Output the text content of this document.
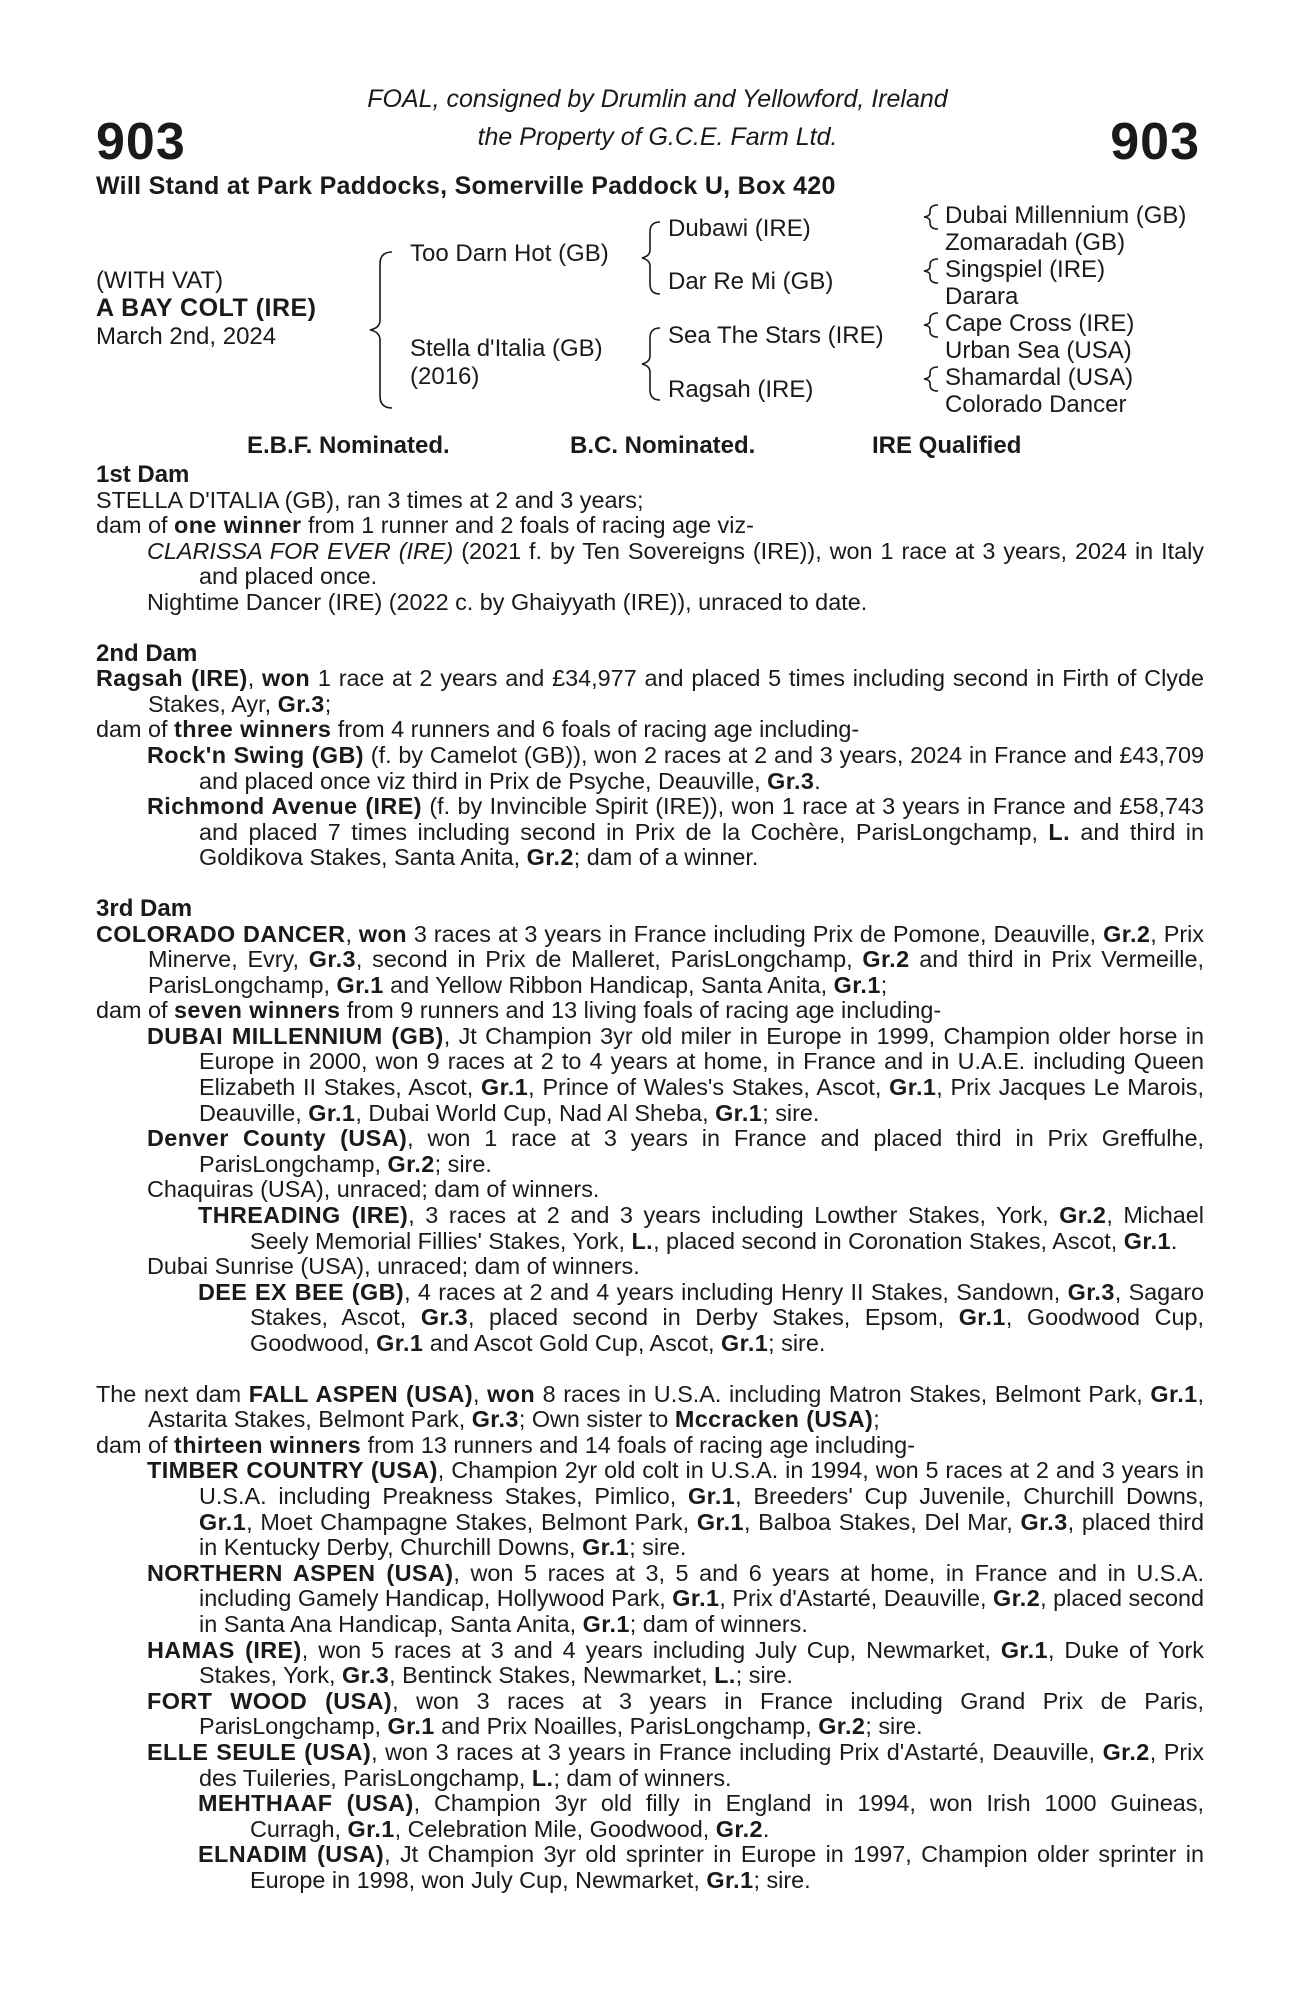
903	903
FOAL, consigned by Drumlin and Yellowford, Ireland
the Property of G.C.E. Farm Ltd.
Will Stand at Park Paddocks, Somerville Paddock U, Box 420
(WITH VAT)
A BAY COLT (IRE)
March 2nd, 2024
Too Darn Hot (GB)
Stella d'Italia (GB)
(2016)
Dubawi (IRE)
Dar Re Mi (GB)
Sea The Stars (IRE)
Ragsah (IRE)
Dubai Millennium (GB)
Zomaradah (GB)
Singspiel (IRE)
Darara
Cape Cross (IRE)
Urban Sea (USA)
Shamardal (USA)
Colorado Dancer
E.B.F. Nominated.	B.C. Nominated.	IRE Qualified

1st Dam

STELLA D'ITALIA (GB), ran 3 times at 2 and 3 years;

dam of one winner from 1 runner and 2 foals of racing age viz-

CLARISSA FOR EVER (IRE) (2021 f. by Ten Sovereigns (IRE)), won 1 race at 3 years, 2024 in Italy and placed once.

Nightime Dancer (IRE) (2022 c. by Ghaiyyath (IRE)), unraced to date.

2nd Dam

Ragsah (IRE), won 1 race at 2 years and £34,977 and placed 5 times including second in Firth of Clyde Stakes, Ayr, Gr.3;

dam of three winners from 4 runners and 6 foals of racing age including-

Rock'n Swing (GB) (f. by Camelot (GB)), won 2 races at 2 and 3 years, 2024 in France and £43,709 and placed once viz third in Prix de Psyche, Deauville, Gr.3.

Richmond Avenue (IRE) (f. by Invincible Spirit (IRE)), won 1 race at 3 years in France and £58,743 and placed 7 times including second in Prix de la Cochère, ParisLongchamp, L. and third in Goldikova Stakes, Santa Anita, Gr.2; dam of a winner.

3rd Dam

COLORADO DANCER, won 3 races at 3 years in France including Prix de Pomone, Deauville, Gr.2, Prix Minerve, Evry, Gr.3, second in Prix de Malleret, ParisLongchamp, Gr.2 and third in Prix Vermeille, ParisLongchamp, Gr.1 and Yellow Ribbon Handicap, Santa Anita, Gr.1;

dam of seven winners from 9 runners and 13 living foals of racing age including-

DUBAI MILLENNIUM (GB), Jt Champion 3yr old miler in Europe in 1999, Champion older horse in Europe in 2000, won 9 races at 2 to 4 years at home, in France and in U.A.E. including Queen Elizabeth II Stakes, Ascot, Gr.1, Prince of Wales's Stakes, Ascot, Gr.1, Prix Jacques Le Marois, Deauville, Gr.1, Dubai World Cup, Nad Al Sheba, Gr.1; sire.

Denver County (USA), won 1 race at 3 years in France and placed third in Prix Greffulhe, ParisLongchamp, Gr.2; sire.

Chaquiras (USA), unraced; dam of winners.

THREADING (IRE), 3 races at 2 and 3 years including Lowther Stakes, York, Gr.2, Michael Seely Memorial Fillies' Stakes, York, L., placed second in Coronation Stakes, Ascot, Gr.1.

Dubai Sunrise (USA), unraced; dam of winners.

DEE EX BEE (GB), 4 races at 2 and 4 years including Henry II Stakes, Sandown, Gr.3, Sagaro Stakes, Ascot, Gr.3, placed second in Derby Stakes, Epsom, Gr.1, Goodwood Cup, Goodwood, Gr.1 and Ascot Gold Cup, Ascot, Gr.1; sire.

The next dam FALL ASPEN (USA), won 8 races in U.S.A. including Matron Stakes, Belmont Park, Gr.1, Astarita Stakes, Belmont Park, Gr.3; Own sister to Mccracken (USA);

dam of thirteen winners from 13 runners and 14 foals of racing age including-

TIMBER COUNTRY (USA), Champion 2yr old colt in U.S.A. in 1994, won 5 races at 2 and 3 years in U.S.A. including Preakness Stakes, Pimlico, Gr.1, Breeders' Cup Juvenile, Churchill Downs, Gr.1, Moet Champagne Stakes, Belmont Park, Gr.1, Balboa Stakes, Del Mar, Gr.3, placed third in Kentucky Derby, Churchill Downs, Gr.1; sire.

NORTHERN ASPEN (USA), won 5 races at 3, 5 and 6 years at home, in France and in U.S.A. including Gamely Handicap, Hollywood Park, Gr.1, Prix d'Astarté, Deauville, Gr.2, placed second in Santa Ana Handicap, Santa Anita, Gr.1; dam of winners.

HAMAS (IRE), won 5 races at 3 and 4 years including July Cup, Newmarket, Gr.1, Duke of York Stakes, York, Gr.3, Bentinck Stakes, Newmarket, L.; sire.

FORT WOOD (USA), won 3 races at 3 years in France including Grand Prix de Paris, ParisLongchamp, Gr.1 and Prix Noailles, ParisLongchamp, Gr.2; sire.

ELLE SEULE (USA), won 3 races at 3 years in France including Prix d'Astarté, Deauville, Gr.2, Prix des Tuileries, ParisLongchamp, L.; dam of winners.

MEHTHAAF (USA), Champion 3yr old filly in England in 1994, won Irish 1000 Guineas, Curragh, Gr.1, Celebration Mile, Goodwood, Gr.2.

ELNADIM (USA), Jt Champion 3yr old sprinter in Europe in 1997, Champion older sprinter in Europe in 1998, won July Cup, Newmarket, Gr.1; sire.
